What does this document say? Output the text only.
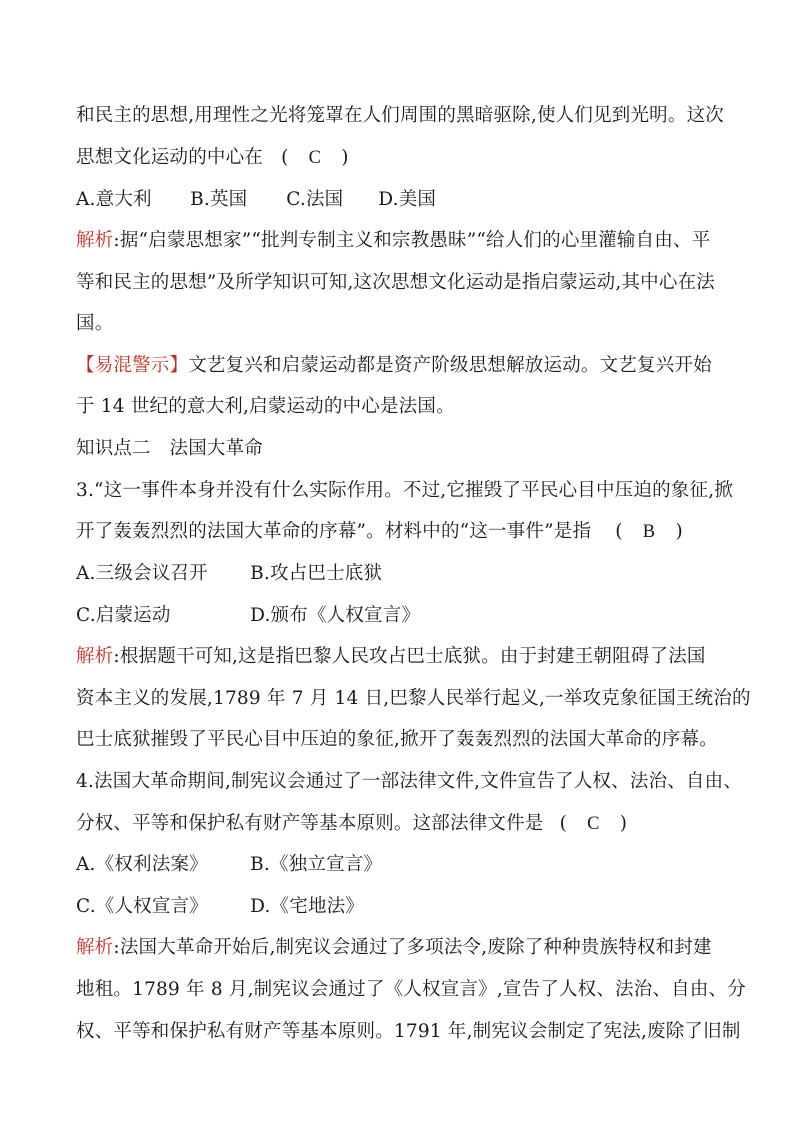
和民主的思想,用理性之光将笼罩在人们周围的黑暗驱除,使人们见到光明。这次
思想文化运动的中心在 ( C )
A.意大利 B.英国 C.法国 D.美国
解析:据“启蒙思想家”“批判专制主义和宗教愚昧”“给人们的心里灌输自由、平
等和民主的思想”及所学知识可知,这次思想文化运动是指启蒙运动,其中心在法
国。
【易混警示】文艺复兴和启蒙运动都是资产阶级思想解放运动。文艺复兴开始
于 14 世纪的意大利,启蒙运动的中心是法国。
知识点二　法国大革命
3.“这一事件本身并没有什么实际作用。不过,它摧毁了平民心目中压迫的象征,掀
开了轰轰烈烈的法国大革命的序幕”。材料中的“这一事件”是指 ( B )
A.三级会议召开 B.攻占巴士底狱
C.启蒙运动	D.颁布《人权宣言》
解析:根据题干可知,这是指巴黎人民攻占巴士底狱。由于封建王朝阻碍了法国
资本主义的发展,1789 年 7 月 14 日,巴黎人民举行起义,一举攻克象征国王统治的
巴士底狱摧毁了平民心目中压迫的象征,掀开了轰轰烈烈的法国大革命的序幕。
4.法国大革命期间,制宪议会通过了一部法律文件,文件宣告了人权、法治、自由、
分权、平等和保护私有财产等基本原则。这部法律文件是 ( C )
A.《权利法案》 B.《独立宣言》
C.《人权宣言》 D.《宅地法》
解析:法国大革命开始后,制宪议会通过了多项法令,废除了种种贵族特权和封建
地租。1789 年 8 月,制宪议会通过了《人权宣言》,宣告了人权、法治、自由、分
权、平等和保护私有财产等基本原则。1791 年,制宪议会制定了宪法,废除了旧制
